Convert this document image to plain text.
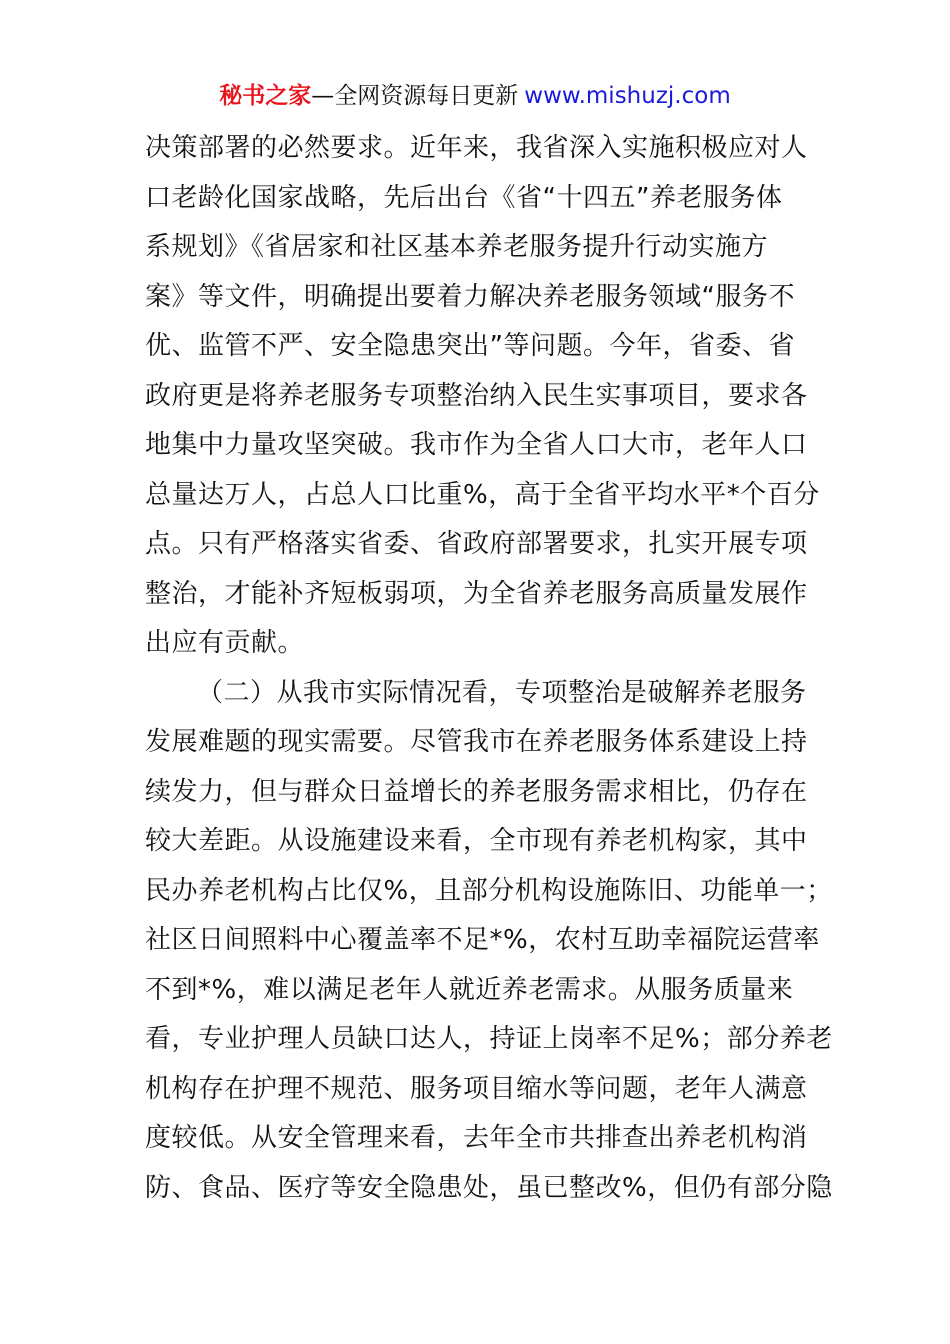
秘书之家—全网资源每日更新 www.mishuzj.com
决策部署的必然要求。近年来，我省深入实施积极应对人
口老龄化国家战略，先后出台《省“十四五”养老服务体
系规划》《省居家和社区基本养老服务提升行动实施方
案》等文件，明确提出要着力解决养老服务领域“服务不
优、监管不严、安全隐患突出”等问题。今年，省委、省
政府更是将养老服务专项整治纳入民生实事项目，要求各
地集中力量攻坚突破。我市作为全省人口大市，老年人口
总量达万人，占总人口比重%，高于全省平均水平*个百分
点。只有严格落实省委、省政府部署要求，扎实开展专项
整治，才能补齐短板弱项，为全省养老服务高质量发展作
出应有贡献。
（二）从我市实际情况看，专项整治是破解养老服务
发展难题的现实需要。尽管我市在养老服务体系建设上持
续发力，但与群众日益增长的养老服务需求相比，仍存在
较大差距。从设施建设来看，全市现有养老机构家，其中
民办养老机构占比仅%，且部分机构设施陈旧、功能单一；
社区日间照料中心覆盖率不足*%，农村互助幸福院运营率
不到*%，难以满足老年人就近养老需求。从服务质量来
看，专业护理人员缺口达人，持证上岗率不足%；部分养老
机构存在护理不规范、服务项目缩水等问题，老年人满意
度较低。从安全管理来看，去年全市共排查出养老机构消
防、食品、医疗等安全隐患处，虽已整改%，但仍有部分隐
